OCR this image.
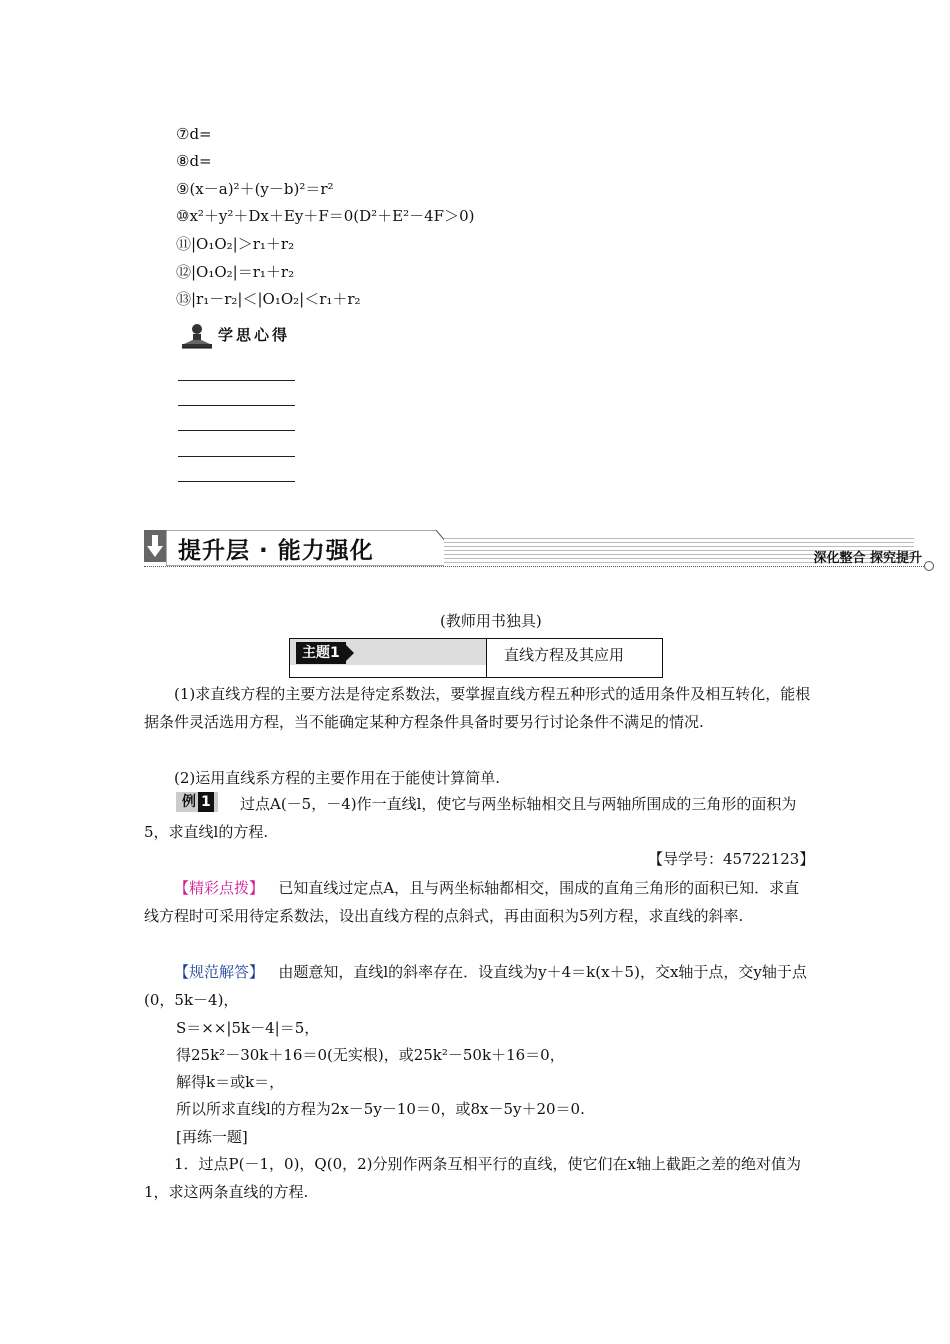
⑦d=
⑧d=
⑨(x－a)²＋(y－b)²＝r²
⑩x²＋y²＋Dx＋Ey＋F＝0(D²＋E²－4F＞0)
⑪|O₁O₂|＞r₁＋r₂
⑫|O₁O₂|＝r₁＋r₂
⑬|r₁－r₂|＜|O₁O₂|＜r₁＋r₂
学思心得
提升层 · 能力强化	深化整合 探究提升
(教师用书独具)
主题1	直线方程及其应用
(1)求直线方程的主要方法是待定系数法，要掌握直线方程五种形式的适用条件及相互转化，能根据条件灵活选用方程，当不能确定某种方程条件具备时要另行讨论条件不满足的情况.
(2)运用直线系方程的主要作用在于能使计算简单.
例 1	过点A(－5，－4)作一直线l，使它与两坐标轴相交且与两轴所围成的三角形的面积为5，求直线l的方程.
【导学号：45722123】
【精彩点拨】 已知直线过定点A，且与两坐标轴都相交，围成的直角三角形的面积已知．求直线方程时可采用待定系数法，设出直线方程的点斜式，再由面积为5列方程，求直线的斜率.
【规范解答】 由题意知，直线l的斜率存在．设直线为y＋4＝k(x＋5)，交x轴于点，交y轴于点(0，5k－4)，
S＝××|5k－4|＝5，
得25k²－30k＋16＝0(无实根)，或25k²－50k＋16＝0，
解得k＝或k＝，
所以所求直线l的方程为2x－5y－10＝0，或8x－5y＋20＝0.
[再练一题]
1．过点P(－1，0)，Q(0，2)分别作两条互相平行的直线，使它们在x轴上截距之差的绝对值为1，求这两条直线的方程.
